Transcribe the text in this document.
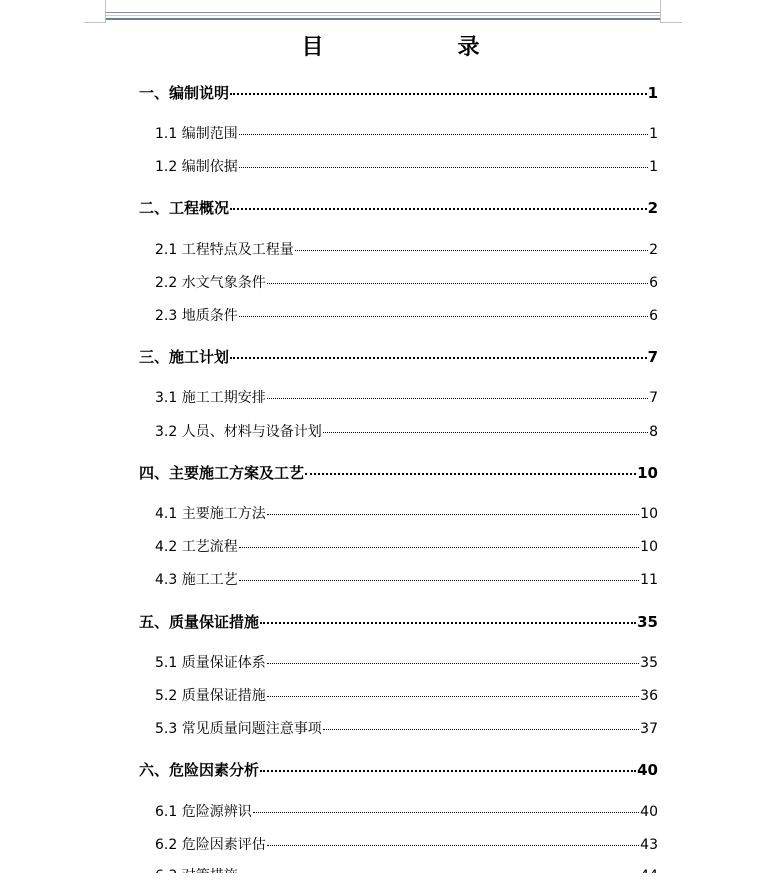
目　　录
一、编制说明	1
1.1 编制范围	1
1.2 编制依据	1
二、工程概况	2
2.1 工程特点及工程量	2
2.2 水文气象条件	6
2.3 地质条件	6
三、施工计划	7
3.1 施工工期安排	7
3.2 人员、材料与设备计划	8
四、主要施工方案及工艺	10
4.1 主要施工方法	10
4.2 工艺流程	10
4.3 施工工艺	11
五、质量保证措施	35
5.1 质量保证体系	35
5.2 质量保证措施	36
5.3 常见质量问题注意事项	37
六、危险因素分析	40
6.1 危险源辨识	40
6.2 危险因素评估	43
